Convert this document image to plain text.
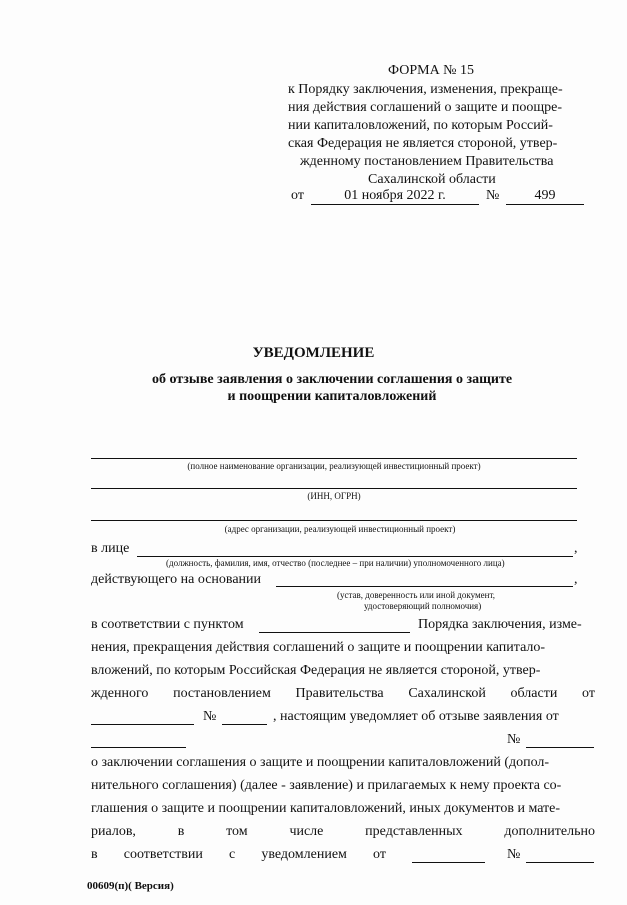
ФОРМА № 15
к Порядку заключения, изменения, прекраще-
ния действия соглашений о защите и поощре-
нии капиталовложений, по которым Россий-
ская Федерация не является стороной, утвер-
жденному постановлением Правительства
Сахалинской области
от	01 ноября 2022 г.	№	499
УВЕДОМЛЕНИЕ
об отзыве заявления о заключении соглашения о защите
и поощрении капиталовложений
(полное наименование организации, реализующей инвестиционный проект)
(ИНН, ОГРН)
(адрес организации, реализующей инвестиционный проект)
в лице	,
(должность, фамилия, имя, отчество (последнее – при наличии) уполномоченного лица)
действующего на основании	,
(устав, доверенность или иной документ,
удостоверяющий полномочия)
в соответствии с пунктом	Порядка заключения, изме-
нения, прекращения действия соглашений о защите и поощрении капитало-
вложений, по которым Российская Федерация не является стороной, утвер-
жденного постановлением Правительства Сахалинской области от
№	, настоящим уведомляет об отзыве заявления от
№
о заключении соглашения о защите и поощрении капиталовложений (допол-
нительного соглашения) (далее - заявление) и прилагаемых к нему проекта со-
глашения о защите и поощрении капиталовложений, иных документов и мате-
риалов,	в	том	числе	представленных	дополнительно
в соответствии с уведомлением от	№
00609(п)( Версия)
